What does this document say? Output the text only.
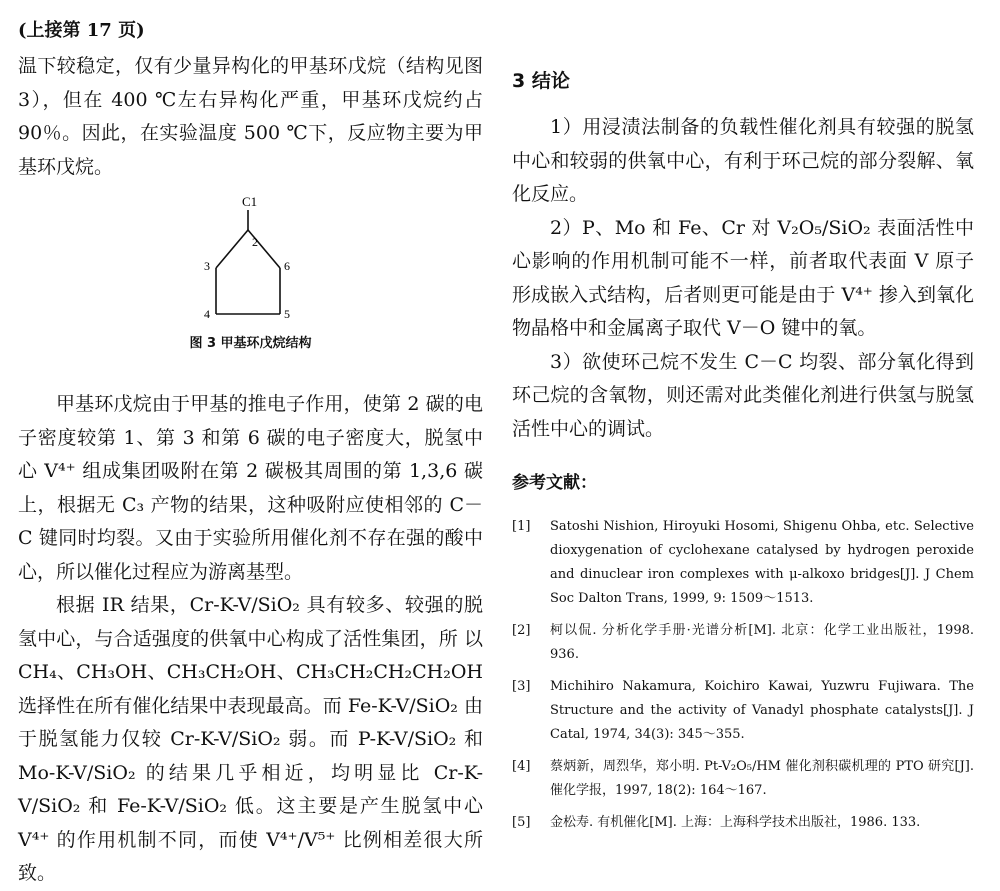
(上接第 17 页)

温下较稳定，仅有少量异构化的甲基环戊烷（结构见图 3），但在 400 ℃左右异构化严重，甲基环戊烷约占 90％。因此，在实验温度 500 ℃下，反应物主要为甲基环戊烷。

C1
2
3	6
4	5
图 3 甲基环戊烷结构

甲基环戊烷由于甲基的推电子作用，使第 2 碳的电子密度较第 1、第 3 和第 6 碳的电子密度大，脱氢中心 V⁴⁺ 组成集团吸附在第 2 碳极其周围的第 1,3,6 碳上，根据无 C₃ 产物的结果，这种吸附应使相邻的 C－C 键同时均裂。又由于实验所用催化剂不存在强的酸中心，所以催化过程应为游离基型。

根据 IR 结果，Cr-K-V/SiO₂ 具有较多、较强的脱氢中心，与合适强度的供氧中心构成了活性集团，所 以 CH₄、CH₃OH、CH₃CH₂OH、CH₃CH₂CH₂CH₂OH 选择性在所有催化结果中表现最高。而 Fe-K-V/SiO₂ 由于脱氢能力仅较 Cr-K-V/SiO₂ 弱。而 P-K-V/SiO₂ 和 Mo-K-V/SiO₂ 的结果几乎相近，均明显比 Cr-K-V/SiO₂ 和 Fe-K-V/SiO₂ 低。这主要是产生脱氢中心 V⁴⁺ 的作用机制不同，而使 V⁴⁺/V⁵⁺ 比例相差很大所致。

3 结论

1）用浸渍法制备的负载性催化剂具有较强的脱氢中心和较弱的供氧中心，有利于环己烷的部分裂解、氧化反应。

2）P、Mo 和 Fe、Cr 对 V₂O₅/SiO₂ 表面活性中心影响的作用机制可能不一样，前者取代表面 V 原子形成嵌入式结构，后者则更可能是由于 V⁴⁺ 掺入到氧化物晶格中和金属离子取代 V－O 键中的氧。

3）欲使环己烷不发生 C－C 均裂、部分氧化得到环己烷的含氧物，则还需对此类催化剂进行供氢与脱氢活性中心的调试。

参考文献：
[1]	Satoshi Nishion, Hiroyuki Hosomi, Shigenu Ohba, etc. Selective dioxygenation of cyclohexane catalysed by hydrogen peroxide and dinuclear iron complexes with μ-alkoxo bridges[J]. J Chem Soc Dalton Trans, 1999, 9: 1509～1513.
[2]	柯以侃. 分析化学手册·光谱分析[M]. 北京：化学工业出版社，1998. 936.
[3]	Michihiro Nakamura, Koichiro Kawai, Yuzwru Fujiwara. The Structure and the activity of Vanadyl phosphate catalysts[J]. J Catal, 1974, 34(3): 345～355.
[4]	蔡炳新，周烈华，郑小明. Pt-V₂O₅/HM 催化剂积碳机理的 PTO 研究[J]. 催化学报，1997, 18(2): 164～167.
[5]	金松寿. 有机催化[M]. 上海：上海科学技术出版社，1986. 133.
